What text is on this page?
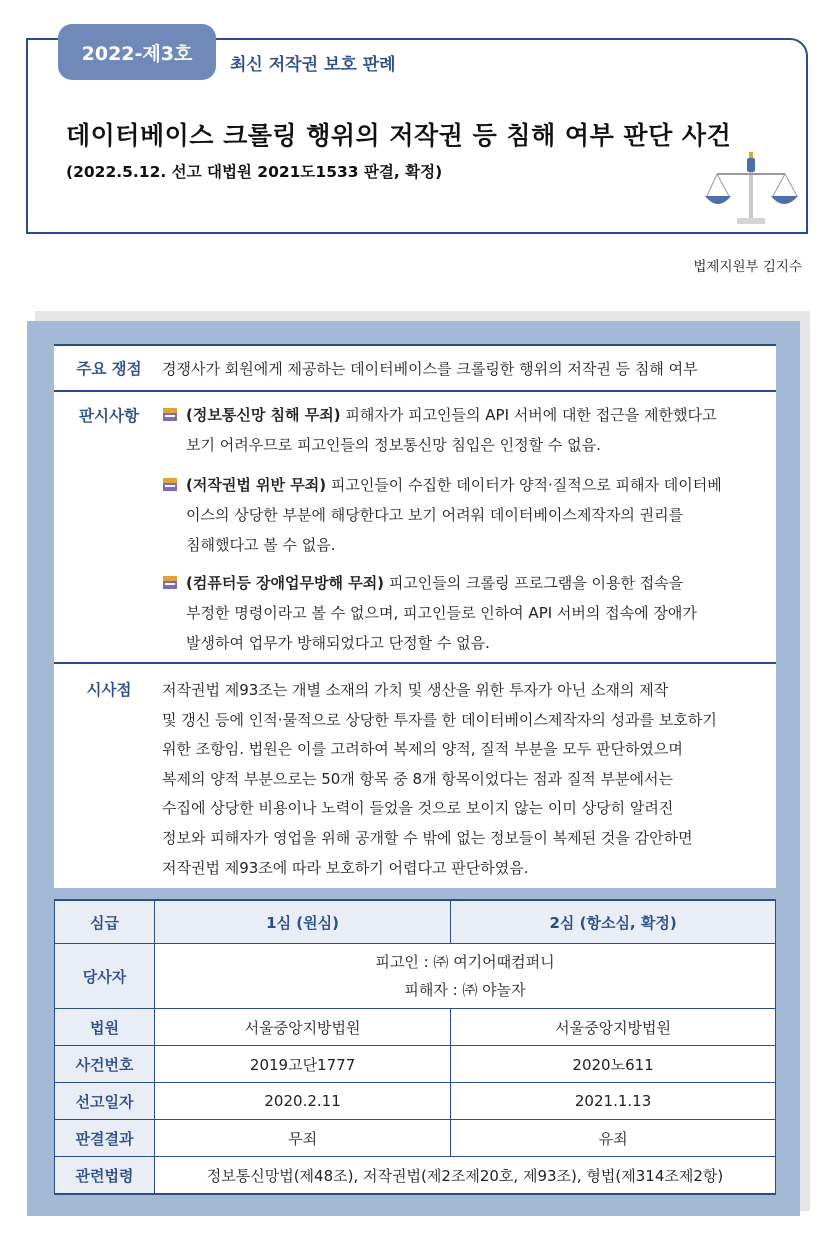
2022-제3호	최신 저작권 보호 판례
데이터베이스 크롤링 행위의 저작권 등 침해 여부 판단 사건
(2022.5.12. 선고 대법원 2021도1533 판결, 확정)
법제지원부 김지수
주요 쟁점	경쟁사가 회원에게 제공하는 데이터베이스를 크롤링한 행위의 저작권 등 침해 여부
판시사항	(정보통신망 침해 무죄) 피해자가 피고인들의 API 서버에 대한 접근을 제한했다고
보기 어려우므로 피고인들의 정보통신망 침입은 인정할 수 없음.
(저작권법 위반 무죄) 피고인들이 수집한 데이터가 양적·질적으로 피해자 데이터베
이스의 상당한 부분에 해당한다고 보기 어려워 데이터베이스제작자의 권리를
침해했다고 볼 수 없음.
(컴퓨터등 장애업무방해 무죄) 피고인들의 크롤링 프로그램을 이용한 접속을
부정한 명령이라고 볼 수 없으며, 피고인들로 인하여 API 서버의 접속에 장애가
발생하여 업무가 방해되었다고 단정할 수 없음.
시사점	저작권법 제93조는 개별 소재의 가치 및 생산을 위한 투자가 아닌 소재의 제작
및 갱신 등에 인적·물적으로 상당한 투자를 한 데이터베이스제작자의 성과를 보호하기
위한 조항임. 법원은 이를 고려하여 복제의 양적, 질적 부분을 모두 판단하였으며
복제의 양적 부분으로는 50개 항목 중 8개 항목이었다는 점과 질적 부분에서는
수집에 상당한 비용이나 노력이 들었을 것으로 보이지 않는 이미 상당히 알려진
정보와 피해자가 영업을 위해 공개할 수 밖에 없는 정보들이 복제된 것을 감안하면
저작권법 제93조에 따라 보호하기 어렵다고 판단하였음.
심급	1심 (원심)	2심 (항소심, 확정)
당사자	피고인 : ㈜ 여기어때컴퍼니
피해자 : ㈜ 야놀자	

법원	서울중앙지방법원	서울중앙지방법원
사건번호	2019고단1777	2020노611
선고일자	2020.2.11	2021.1.13
판결결과	무죄	유죄
관련법령	정보통신망법(제48조), 저작권법(제2조제20호, 제93조), 형법(제314조제2항)	
